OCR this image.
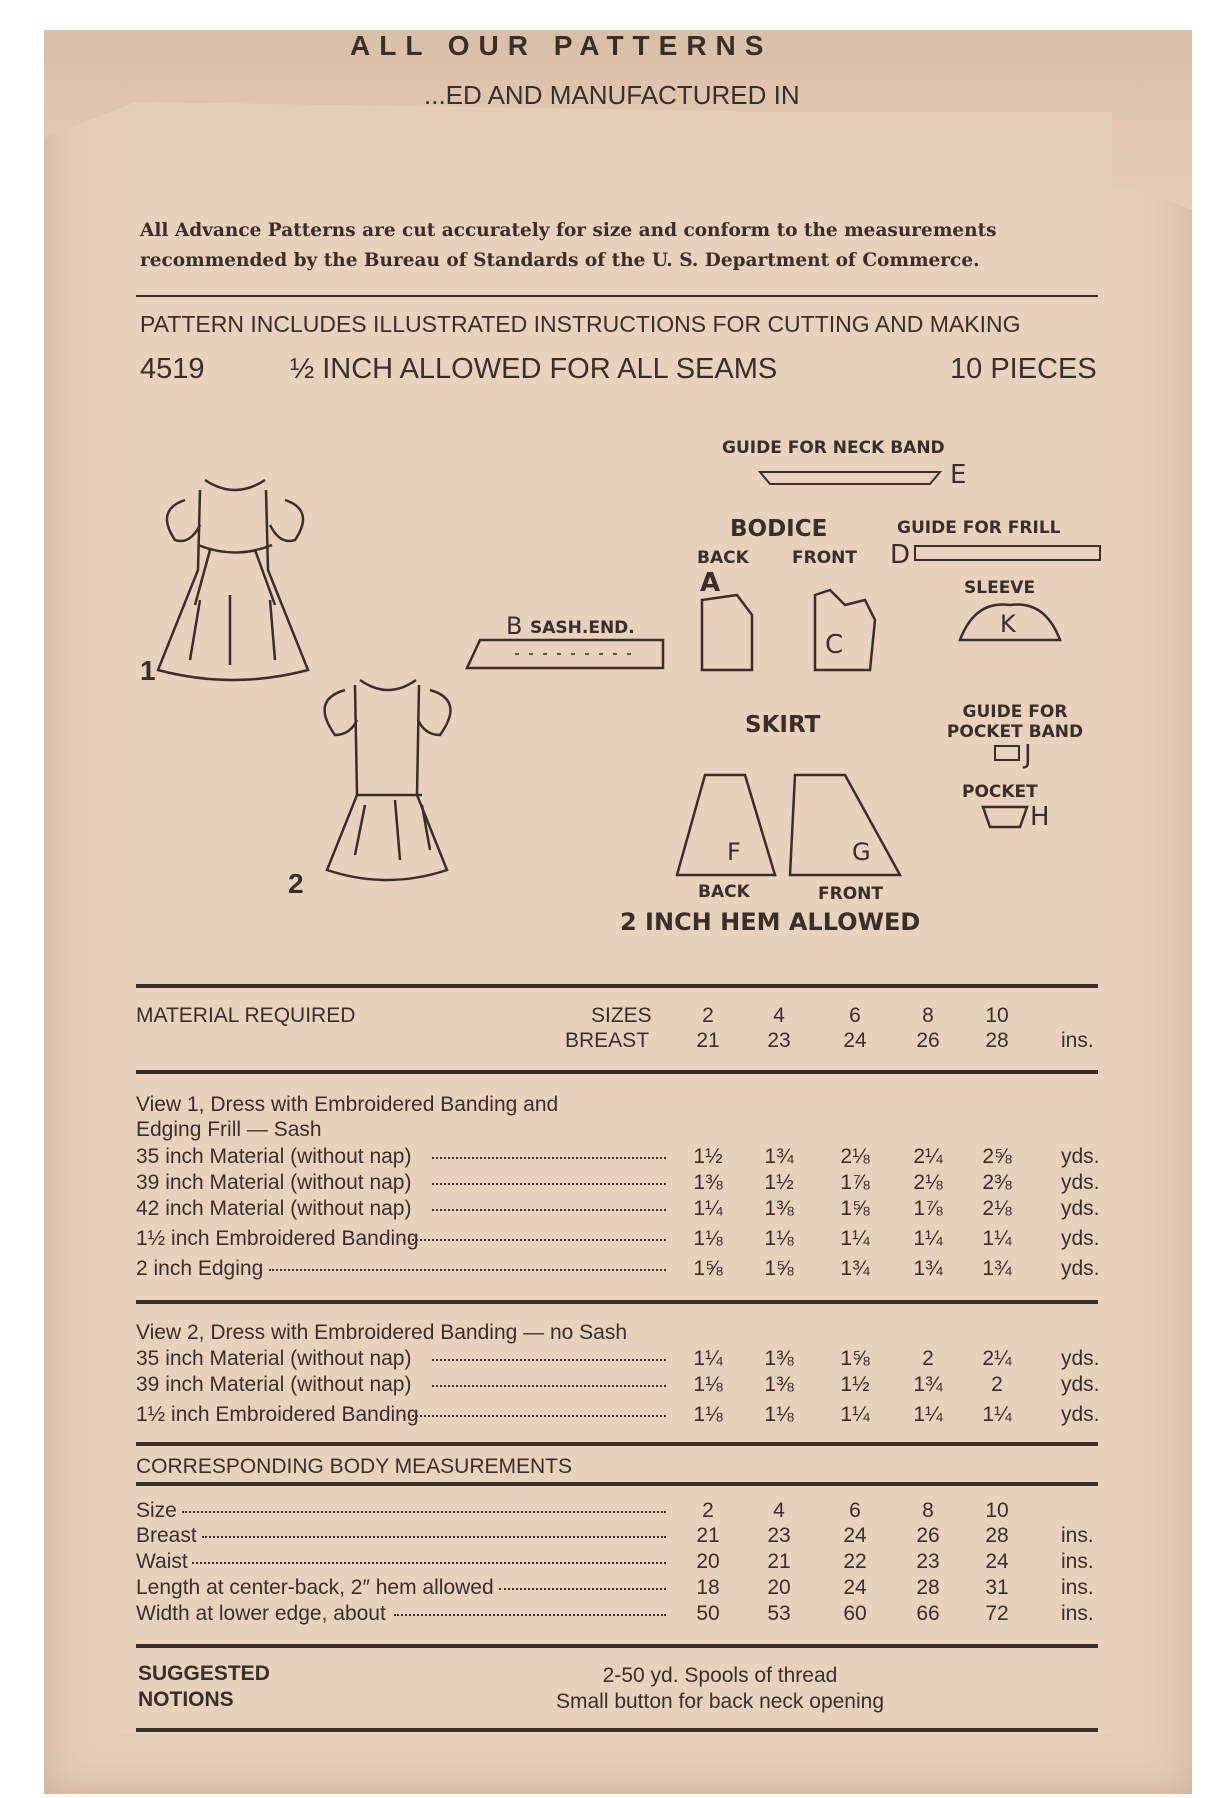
ALL OUR PATTERNS
...ED AND MANUFACTURED IN
All Advance Patterns are cut accurately for size and conform to the measurements
recommended by the Bureau of Standards of the U. S. Department of Commerce.
PATTERN INCLUDES ILLUSTRATED INSTRUCTIONS FOR CUTTING AND MAKING
4519	½ INCH ALLOWED FOR ALL SEAMS	10 PIECES
1
2
GUIDE FOR NECK BAND
E
BODICE
BACK	FRONT
A
C
GUIDE FOR FRILL
D
SLEEVE
K
B SASH.END.
SKIRT
F	G
BACK	FRONT
2 INCH HEM ALLOWED
GUIDE FOR POCKET BAND
J
POCKET
H
MATERIAL REQUIRED	SIZES	2	4	6	8	10
BREAST	21	23	24	26	28	ins.
View 1, Dress with Embroidered Banding and
Edging Frill — Sash
35 inch Material (without nap)	1½	1¾	2⅛	2¼	2⅝	yds.
39 inch Material (without nap)	1⅜	1½	1⅞	2⅛	2⅜	yds.
42 inch Material (without nap)	1¼	1⅜	1⅝	1⅞	2⅛	yds.
1½ inch Embroidered Banding	1⅛	1⅛	1¼	1¼	1¼	yds.
2 inch Edging	1⅝	1⅝	1¾	1¾	1¾	yds.
View 2, Dress with Embroidered Banding — no Sash
35 inch Material (without nap)	1¼	1⅜	1⅝	2	2¼	yds.
39 inch Material (without nap)	1⅛	1⅜	1½	1¾	2	yds.
1½ inch Embroidered Banding	1⅛	1⅛	1¼	1¼	1¼	yds.
CORRESPONDING BODY MEASUREMENTS
Size	2	4	6	8	10
Breast	21	23	24	26	28	ins.
Waist	20	21	22	23	24	ins.
Length at center-back, 2″ hem allowed	18	20	24	28	31	ins.
Width at lower edge, about	50	53	60	66	72	ins.
SUGGESTED
NOTIONS
2-50 yd. Spools of thread
Small button for back neck opening
